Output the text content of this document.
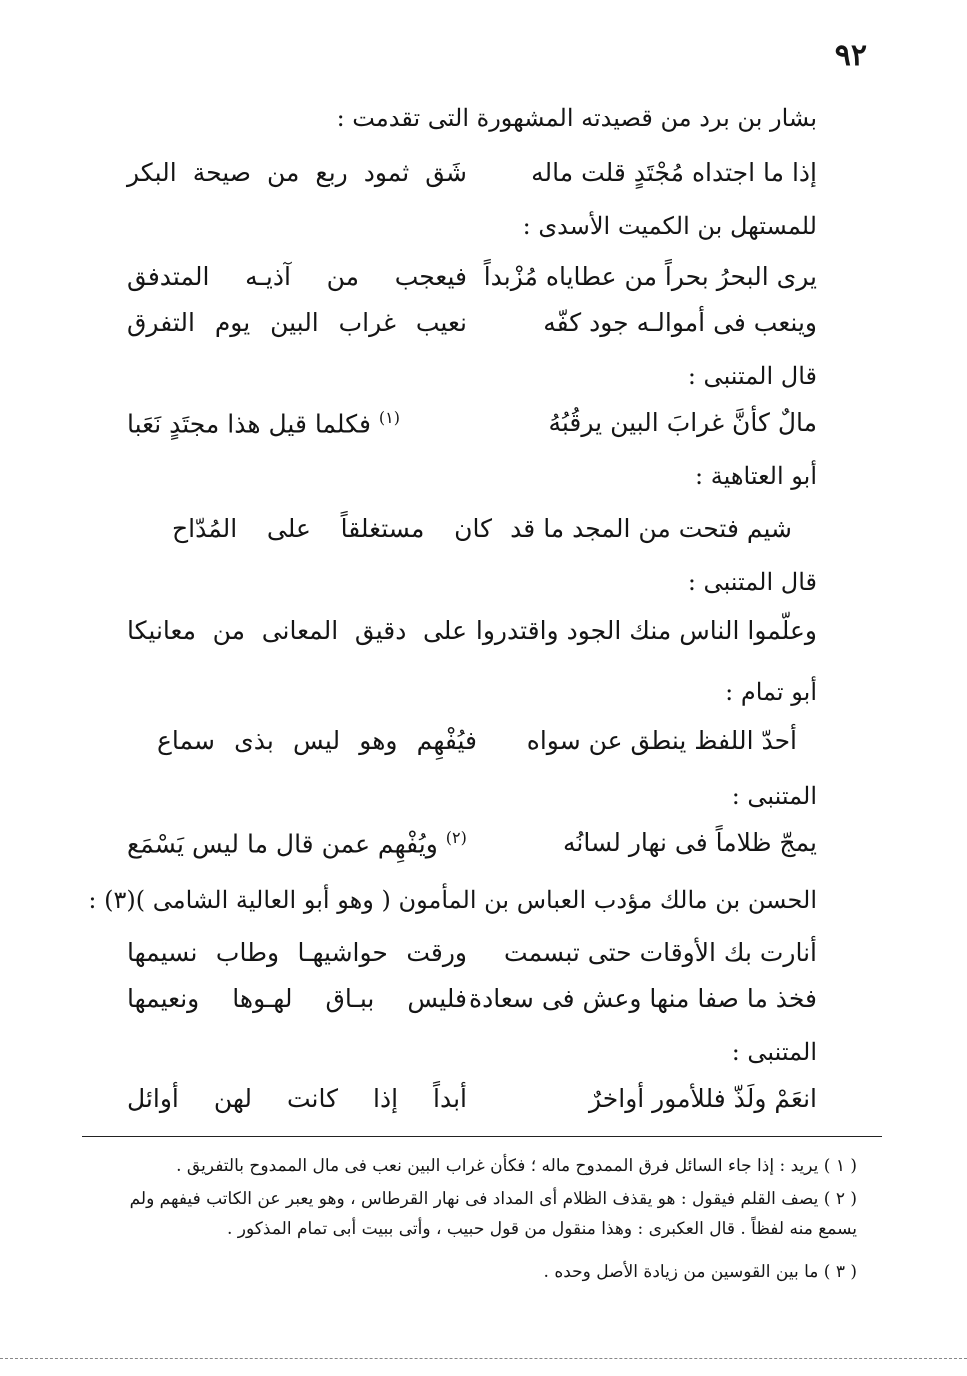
٩٢
بشار بن برد من قصيدته المشهورة التى تقدمت :
إذا ما اجتداه مُجْتَدٍ قلت ماله
شَق ثمود ربع من صيحة البكر
للمستهل بن الكميت الأسدى :
يرى البحرُ بحراً من عطاياه مُزْبداً
فيعجب من آذيـه المتدفق
وينعب فى أموالـه جود كفّه
نعيب غراب البين يوم التفرق
قال المتنبى :
مالٌ كأنَّ غرابَ البين يرقُبُهُ
$^{(١)}$ فكلما قيل هذا مجتَدٍ نَعَبا
أبو العتاهية :
شيم فتحت من المجد ما قد
كان مستغلقاً على المُدّاح
قال المتنبى :
وعلّموا الناس منك الجود واقتدروا
على دقيق المعانى من معانيكا
أبو تمام :
أحدّ اللفظ ينطق عن سواه
فيُفْهِم وهو ليس بذى سماع
المتنبى :
يمجّ ظلاماً فى نهار لسانُه
$^{(٢)}$ ويُفْهِم عمن قال ما ليس يَسْمَع
الحسن بن مالك مؤدب العباس بن المأمون ( وهو أبو العالية الشامى )(٣) :
أنارت بك الأوقات حتى تبسمت
ورقت حواشيهـا وطاب نسيمها
فخذ ما صفا منها وعش فى سعادة
فليس ببـاق لهـوها ونعيمها
المتنبى :
انعَمْ ولَذّ فللأمور أواخرٌ
أبداً إذا كانت لهن أوائل
( ١ ) يريد : إذا جاء السائل فرق الممدوح ماله ؛ فكأن غراب البين نعب فى مال الممدوح بالتفريق .
( ٢ ) يصف القلم فيقول : هو يقذف الظلام أى المداد فى نهار القرطاس ، وهو يعبر عن الكاتب فيفهم ولم يسمع منه لفظاً . قال العكبرى : وهذا منقول من قول حبيب ، وأتى ببيت أبى تمام المذكور .
( ٣ ) ما بين القوسين من زيادة الأصل وحده .
